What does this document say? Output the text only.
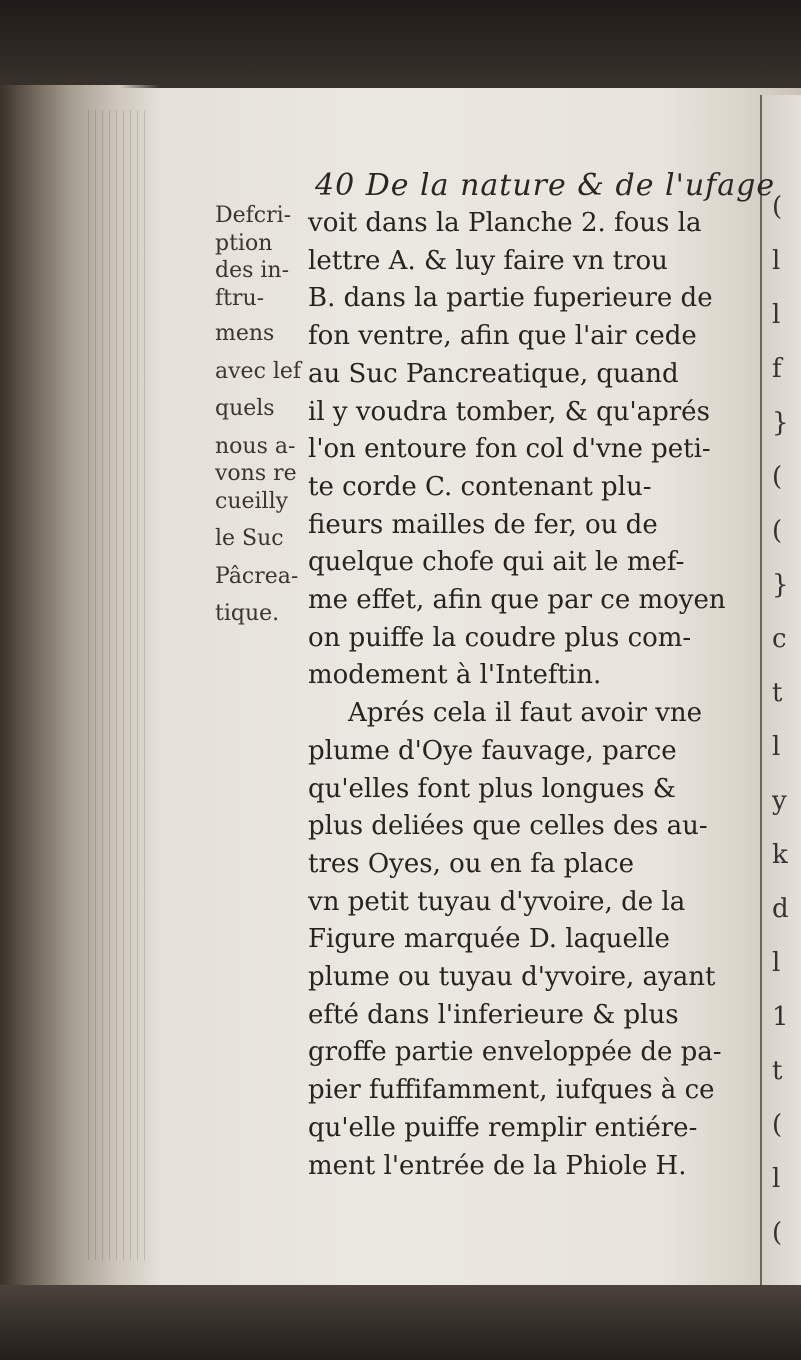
(
l
l
f
}
(
(
}
c
t
l
y
k
d
l
1
t
(
l
(
40 De la nature & de l'ufage
Defcri-
ption
des in-
ftru-
mens
avec lef
quels
nous a-
vons re
cueilly
le Suc
Pâcrea-
tique.
voit dans la Planche 2. fous la
lettre A. & luy faire vn trou
B. dans la partie fuperieure de
fon ventre, afin que l'air cede
au Suc Pancreatique, quand
il y voudra tomber, & qu'aprés
l'on entoure fon col d'vne peti-
te corde C. contenant plu-
fieurs mailles de fer, ou de
quelque chofe qui ait le mef-
me effet, afin que par ce moyen
on puiffe la coudre plus com-
modement à l'Inteftin.
Aprés cela il faut avoir vne
plume d'Oye fauvage, parce
qu'elles font plus longues &
plus deliées que celles des au-
tres Oyes, ou en fa place
vn petit tuyau d'yvoire, de la
Figure marquée D. laquelle
plume ou tuyau d'yvoire, ayant
efté dans l'inferieure & plus
groffe partie enveloppée de pa-
pier fuffifamment, iufques à ce
qu'elle puiffe remplir entiére-
ment l'entrée de la Phiole H.
